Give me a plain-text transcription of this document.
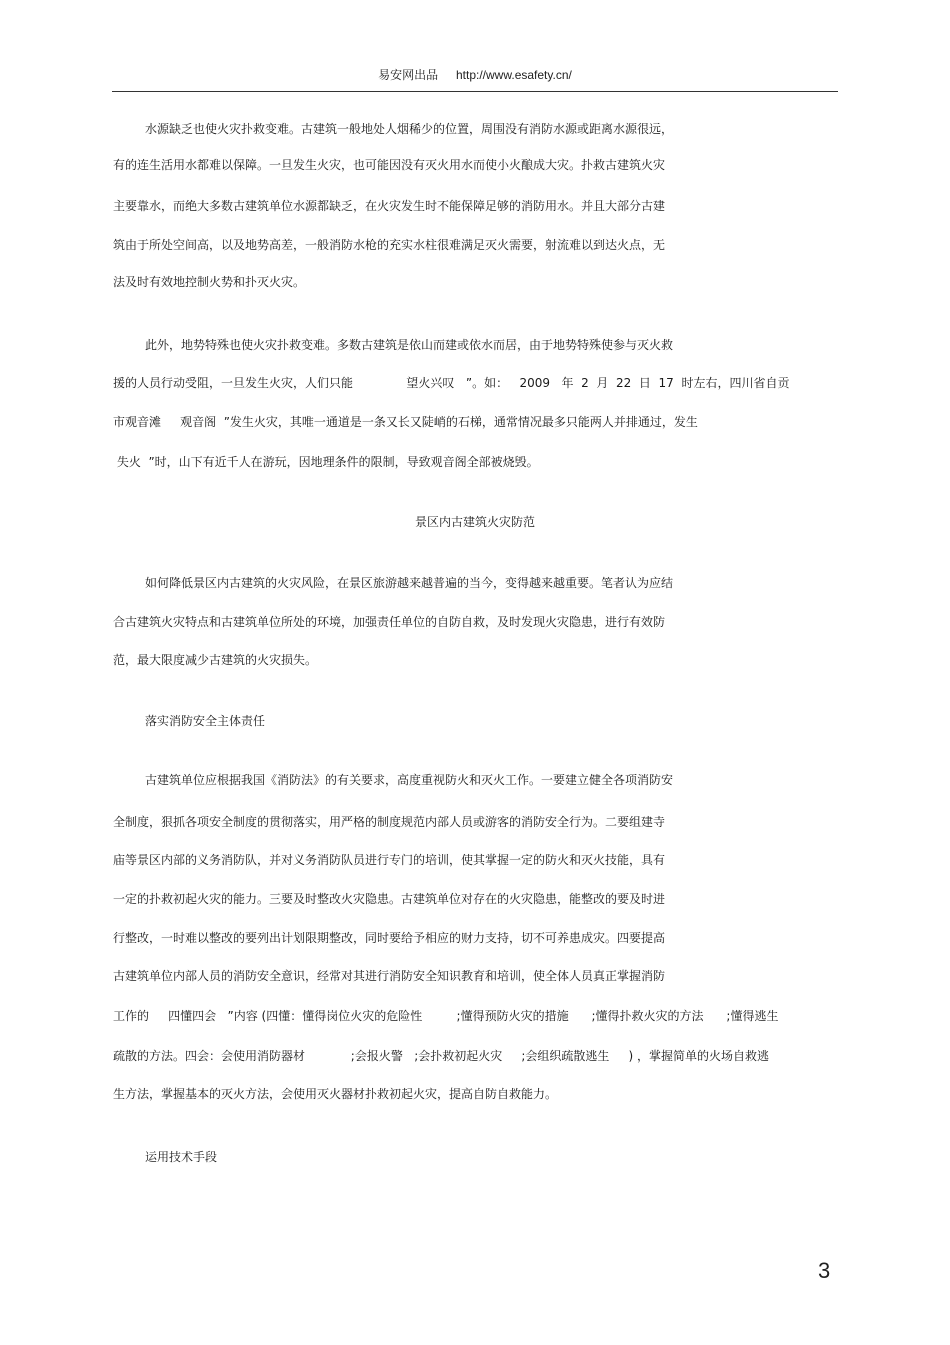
易安网出品 http://www.esafety.cn/
水源缺乏也使火灾扑救变难。古建筑一般地处人烟稀少的位置，周围没有消防水源或距离水源很远，
有的连生活用水都难以保障。一旦发生火灾，也可能因没有灭火用水而使小火酿成大灾。扑救古建筑火灾
主要靠水，而绝大多数古建筑单位水源都缺乏，在火灾发生时不能保障足够的消防用水。并且大部分古建
筑由于所处空间高，以及地势高差，一般消防水枪的充实水柱很难满足灭火需要，射流难以到达火点，无
法及时有效地控制火势和扑灭火灾。
此外，地势特殊也使火灾扑救变难。多数古建筑是依山而建或依水而居，由于地势特殊使参与灭火救
援的人员行动受阻，一旦发生火灾，人们只能              望火兴叹   ”。如：   2009   年  2  月  22  日  17  时左右，四川省自贡
市观音滩     观音阁  ”发生火灾，其唯一通道是一条又长又陡峭的石梯，通常情况最多只能两人并排通过，发生
失火  ”时，山下有近千人在游玩，因地理条件的限制，导致观音阁全部被烧毁。
景区内古建筑火灾防范
如何降低景区内古建筑的火灾风险，在景区旅游越来越普遍的当今，变得越来越重要。笔者认为应结
合古建筑火灾特点和古建筑单位所处的环境，加强责任单位的自防自救，及时发现火灾隐患，进行有效防
范，最大限度减少古建筑的火灾损失。
落实消防安全主体责任
古建筑单位应根据我国《消防法》的有关要求，高度重视防火和灭火工作。一要建立健全各项消防安
全制度，狠抓各项安全制度的贯彻落实，用严格的制度规范内部人员或游客的消防安全行为。二要组建寺
庙等景区内部的义务消防队，并对义务消防队员进行专门的培训，使其掌握一定的防火和灭火技能，具有
一定的扑救初起火灾的能力。三要及时整改火灾隐患。古建筑单位对存在的火灾隐患，能整改的要及时进
行整改，一时难以整改的要列出计划限期整改，同时要给予相应的财力支持，切不可养患成灾。四要提高
古建筑单位内部人员的消防安全意识，经常对其进行消防安全知识教育和培训，使全体人员真正掌握消防
工作的     四懂四会   ”内容 (四懂：懂得岗位火灾的危险性         ;懂得预防火灾的措施      ;懂得扑救火灾的方法      ;懂得逃生
疏散的方法。四会：会使用消防器材            ;会报火警   ;会扑救初起火灾     ;会组织疏散逃生     ) ，掌握简单的火场自救逃
生方法，掌握基本的灭火方法，会使用灭火器材扑救初起火灾，提高自防自救能力。
运用技术手段
3
